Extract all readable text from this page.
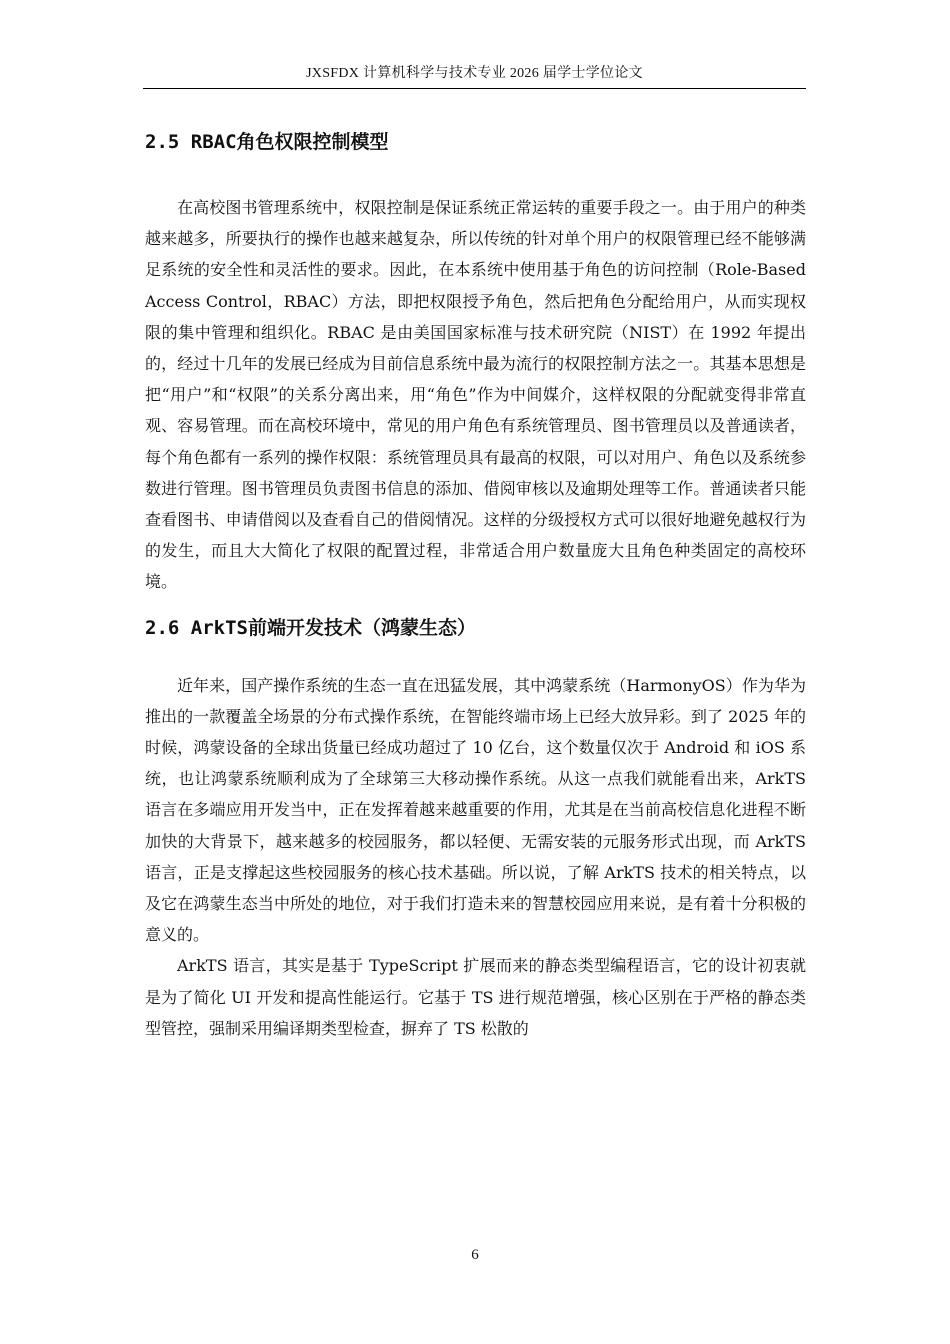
JXSFDX 计算机科学与技术专业 2026 届学士学位论文
2.5 RBAC角色权限控制模型

在高校图书管理系统中，权限控制是保证系统正常运转的重要手段之一。由于用户的种类越来越多，所要执行的操作也越来越复杂，所以传统的针对单个用户的权限管理已经不能够满足系统的安全性和灵活性的要求。因此，在本系统中使用基于角色的访问控制（Role-Based Access Control，RBAC）方法，即把权限授予角色，然后把角色分配给用户，从而实现权限的集中管理和组织化。RBAC 是由美国国家标准与技术研究院（NIST）在 1992 年提出的，经过十几年的发展已经成为目前信息系统中最为流行的权限控制方法之一。其基本思想是把“用户”和“权限”的关系分离出来，用“角色”作为中间媒介，这样权限的分配就变得非常直观、容易管理。而在高校环境中，常见的用户角色有系统管理员、图书管理员以及普通读者，每个角色都有一系列的操作权限：系统管理员具有最高的权限，可以对用户、角色以及系统参数进行管理。图书管理员负责图书信息的添加、借阅审核以及逾期处理等工作。普通读者只能查看图书、申请借阅以及查看自己的借阅情况。这样的分级授权方式可以很好地避免越权行为的发生，而且大大简化了权限的配置过程，非常适合用户数量庞大且角色种类固定的高校环境。

2.6 ArkTS前端开发技术（鸿蒙生态）

近年来，国产操作系统的生态一直在迅猛发展，其中鸿蒙系统（HarmonyOS）作为华为推出的一款覆盖全场景的分布式操作系统，在智能终端市场上已经大放异彩。到了 2025 年的时候，鸿蒙设备的全球出货量已经成功超过了 10 亿台，这个数量仅次于 Android 和 iOS 系统，也让鸿蒙系统顺利成为了全球第三大移动操作系统。从这一点我们就能看出来，ArkTS 语言在多端应用开发当中，正在发挥着越来越重要的作用，尤其是在当前高校信息化进程不断加快的大背景下，越来越多的校园服务，都以轻便、无需安装的元服务形式出现，而 ArkTS 语言，正是支撑起这些校园服务的核心技术基础。所以说，了解 ArkTS 技术的相关特点，以及它在鸿蒙生态当中所处的地位，对于我们打造未来的智慧校园应用来说，是有着十分积极的意义的。

ArkTS 语言，其实是基于 TypeScript 扩展而来的静态类型编程语言，它的设计初衷就是为了简化 UI 开发和提高性能运行。它基于 TS 进行规范增强，核心区别在于严格的静态类型管控，强制采用编译期类型检查，摒弃了 TS 松散的

6
